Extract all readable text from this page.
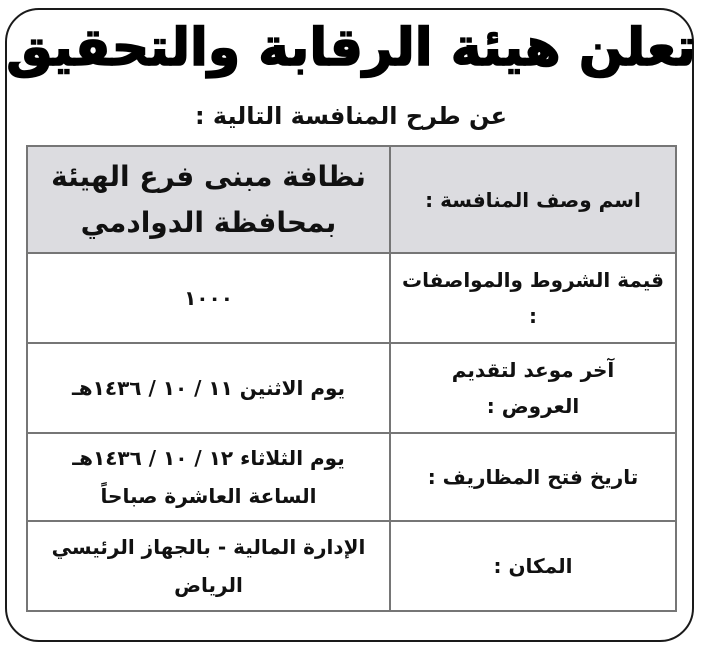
تعلن هيئة الرقابة والتحقيق
عن طرح المنافسة التالية :
اسم وصف المنافسة :	نظافة مبنى فرع الهيئة
بمحافظة الدوادمي

قيمة الشروط والمواصفات :	١٠٠٠

آخر موعد لتقديم
العروض :	يوم الاثنين ١١ / ١٠ / ١٤٣٦هـ

تاريخ فتح المظاريف :	يوم الثلاثاء ١٢ / ١٠ / ١٤٣٦هـ
الساعة العاشرة صباحاً

المكان :	الإدارة المالية - بالجهاز الرئيسي
الرياض
